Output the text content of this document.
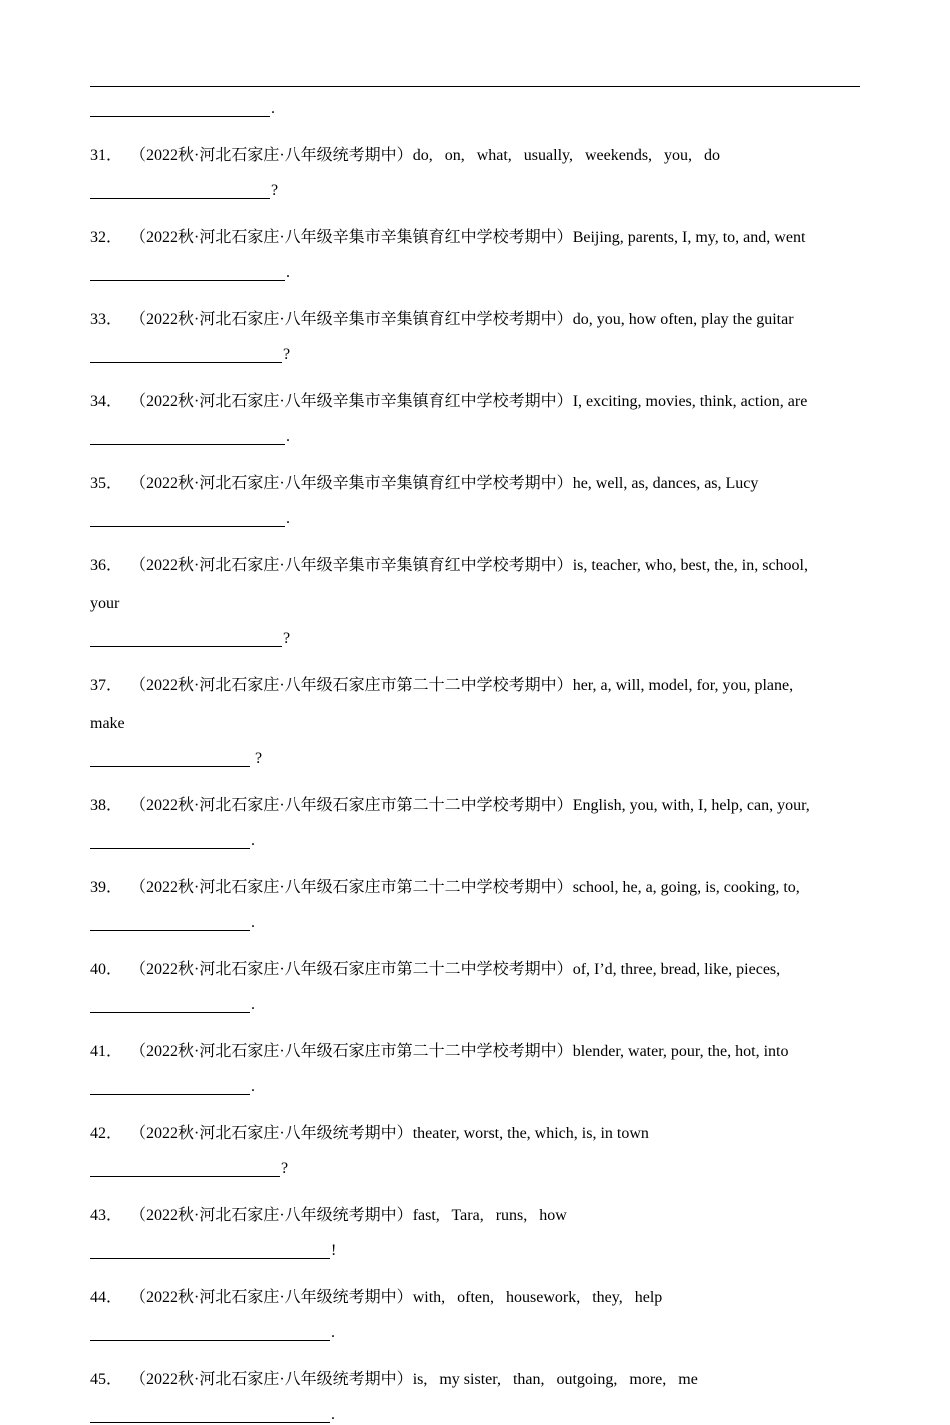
.
31． （2022秋·河北石家庄·八年级统考期中） do,   on,   what,   usually,   weekends,   you,   do
?
32． （2022秋·河北石家庄·八年级辛集市辛集镇育红中学校考期中） Beijing, parents, I, my, to, and, went
.
33． （2022秋·河北石家庄·八年级辛集市辛集镇育红中学校考期中） do, you, how often, play the guitar
?
34． （2022秋·河北石家庄·八年级辛集市辛集镇育红中学校考期中） I, exciting, movies, think, action, are
.
35． （2022秋·河北石家庄·八年级辛集市辛集镇育红中学校考期中） he, well, as, dances, as, Lucy
.
36． （2022秋·河北石家庄·八年级辛集市辛集镇育红中学校考期中） is, teacher, who, best, the, in, school,
your
?
37． （2022秋·河北石家庄·八年级石家庄市第二十二中学校考期中） her, a, will, model, for, you, plane,
make
?
38． （2022秋·河北石家庄·八年级石家庄市第二十二中学校考期中） English, you, with, I, help, can, your,
.
39． （2022秋·河北石家庄·八年级石家庄市第二十二中学校考期中） school, he, a, going, is, cooking, to,
.
40． （2022秋·河北石家庄·八年级石家庄市第二十二中学校考期中） of, I’d, three, bread, like, pieces,
.
41． （2022秋·河北石家庄·八年级石家庄市第二十二中学校考期中） blender, water, pour, the, hot, into
.
42． （2022秋·河北石家庄·八年级统考期中） theater, worst, the, which, is, in town
?
43． （2022秋·河北石家庄·八年级统考期中） fast,   Tara,   runs,   how
!
44． （2022秋·河北石家庄·八年级统考期中） with,   often,   housework,   they,   help
.
45． （2022秋·河北石家庄·八年级统考期中） is,   my sister,   than,   outgoing,   more,   me
.
